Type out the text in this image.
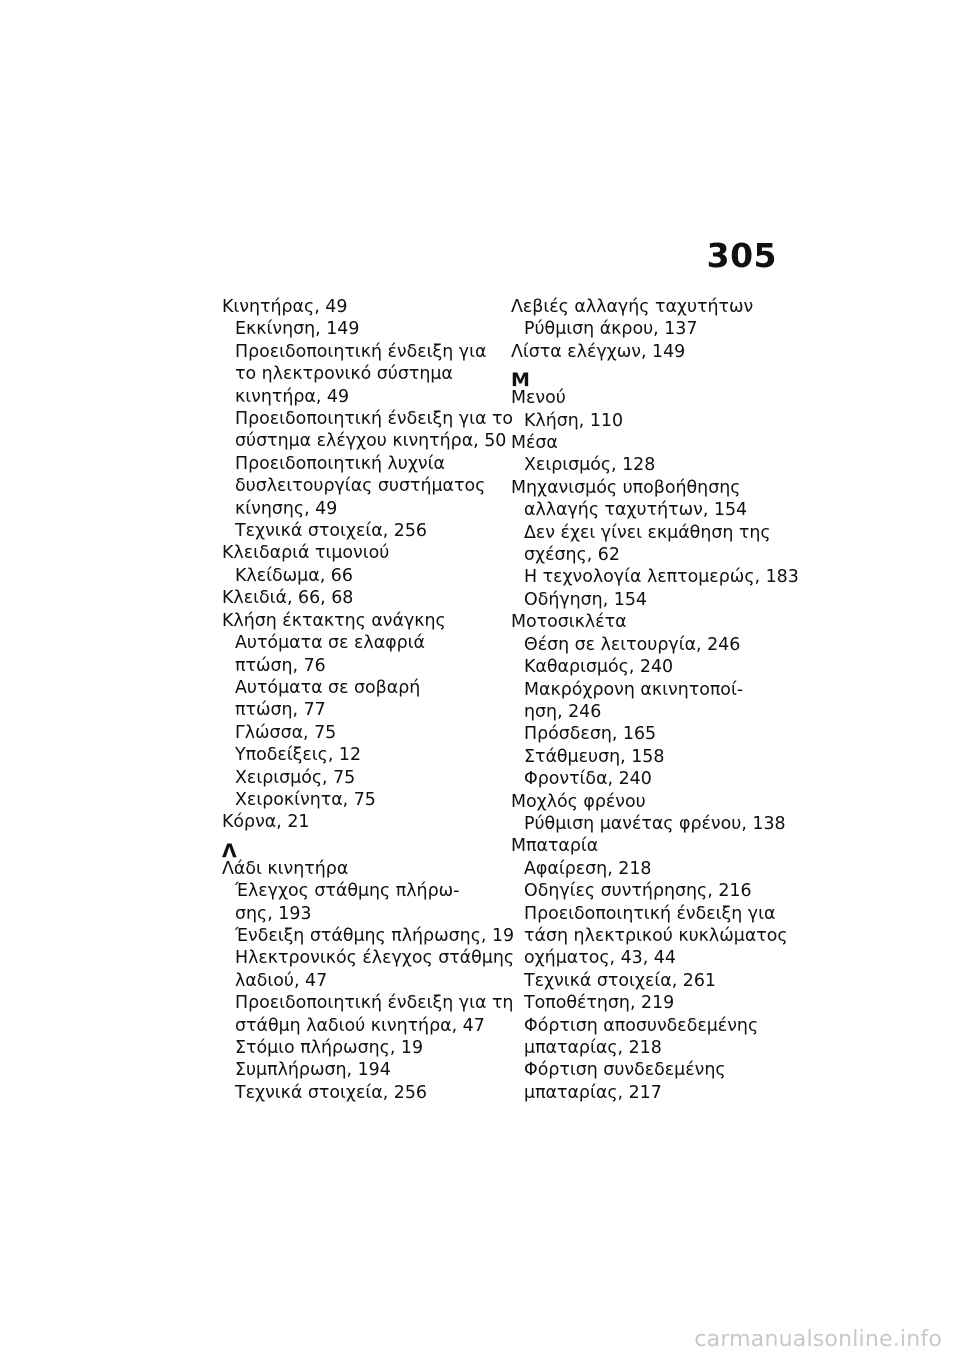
305
Κινητήρας, 49
Εκκίνηση, 149
Προειδοποιητική ένδειξη για
το ηλεκτρονικό σύστημα
κινητήρα, 49
Προειδοποιητική ένδειξη για το
σύστημα ελέγχου κινητήρα, 50
Προειδοποιητική λυχνία
δυσλειτουργίας συστήματος
κίνησης, 49
Τεχνικά στοιχεία, 256
Κλειδαριά τιμονιού
Κλείδωμα, 66
Κλειδιά, 66, 68
Κλήση έκτακτης ανάγκης
Αυτόματα σε ελαφριά
πτώση, 76
Αυτόματα σε σοβαρή
πτώση, 77
Γλώσσα, 75
Υποδείξεις, 12
Χειρισμός, 75
Χειροκίνητα, 75
Κόρνα, 21
Λ
Λάδι κινητήρα
Έλεγχος στάθμης πλήρω-
σης, 193
Ένδειξη στάθμης πλήρωσης, 19
Ηλεκτρονικός έλεγχος στάθμης
λαδιού, 47
Προειδοποιητική ένδειξη για τη
στάθμη λαδιού κινητήρα, 47
Στόμιο πλήρωσης, 19
Συμπλήρωση, 194
Τεχνικά στοιχεία, 256
Λεβιές αλλαγής ταχυτήτων
Ρύθμιση άκρου, 137
Λίστα ελέγχων, 149
Μ
Μενού
Κλήση, 110
Μέσα
Χειρισμός, 128
Μηχανισμός υποβοήθησης
αλλαγής ταχυτήτων, 154
Δεν έχει γίνει εκμάθηση της
σχέσης, 62
Η τεχνολογία λεπτομερώς, 183
Οδήγηση, 154
Μοτοσικλέτα
Θέση σε λειτουργία, 246
Καθαρισμός, 240
Μακρόχρονη ακινητοποί-
ηση, 246
Πρόσδεση, 165
Στάθμευση, 158
Φροντίδα, 240
Μοχλός φρένου
Ρύθμιση μανέτας φρένου, 138
Μπαταρία
Αφαίρεση, 218
Οδηγίες συντήρησης, 216
Προειδοποιητική ένδειξη για
τάση ηλεκτρικού κυκλώματος
οχήματος, 43, 44
Τεχνικά στοιχεία, 261
Τοποθέτηση, 219
Φόρτιση αποσυνδεδεμένης
μπαταρίας, 218
Φόρτιση συνδεδεμένης
μπαταρίας, 217
carmanualsonline.info
